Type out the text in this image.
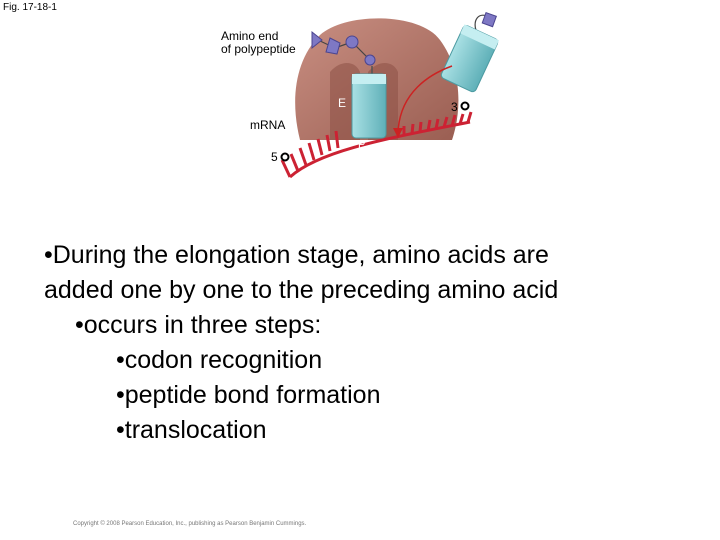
Fig. 17-18-1
Amino end
of polypeptide
mRNA
5
3
E
P
site
A
site
•During the elongation stage, amino acids are
added one by one to the preceding amino acid
•occurs in three steps:
•codon recognition
•peptide bond formation
•translocation
Copyright © 2008 Pearson Education, Inc., publishing as Pearson Benjamin Cummings.
